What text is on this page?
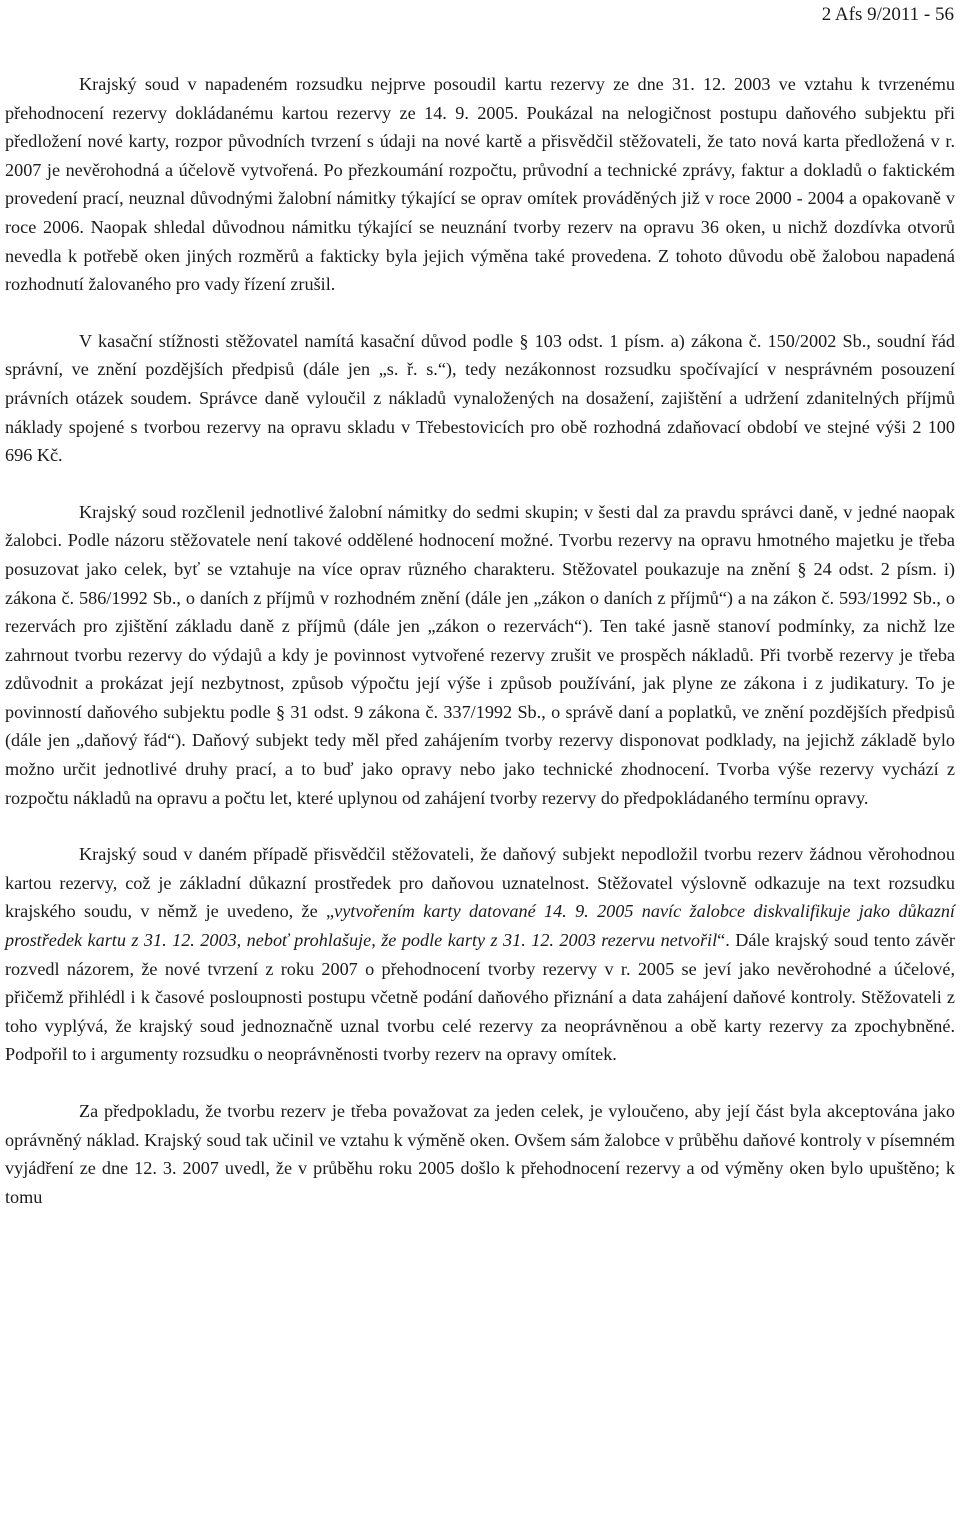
2 Afs 9/2011 - 56

Krajský soud v napadeném rozsudku nejprve posoudil kartu rezervy ze dne 31. 12. 2003 ve vztahu k tvrzenému přehodnocení rezervy dokládanému kartou rezervy ze 14. 9. 2005. Poukázal na nelogičnost postupu daňového subjektu při předložení nové karty, rozpor původních tvrzení s údaji na nové kartě a přisvědčil stěžovateli, že tato nová karta předložená v r. 2007 je nevěrohodná a účelově vytvořená. Po přezkoumání rozpočtu, průvodní a technické zprávy, faktur a dokladů o faktickém provedení prací, neuznal důvodnými žalobní námitky týkající se oprav omítek prováděných již v roce 2000 - 2004 a opakovaně v roce 2006. Naopak shledal důvodnou námitku týkající se neuznání tvorby rezerv na opravu 36 oken, u nichž dozdívka otvorů nevedla k potřebě oken jiných rozměrů a fakticky byla jejich výměna také provedena. Z tohoto důvodu obě žalobou napadená rozhodnutí žalovaného pro vady řízení zrušil.

V kasační stížnosti stěžovatel namítá kasační důvod podle § 103 odst. 1 písm. a) zákona č. 150/2002 Sb., soudní řád správní, ve znění pozdějších předpisů (dále jen „s. ř. s.“), tedy nezákonnost rozsudku spočívající v nesprávném posouzení právních otázek soudem. Správce daně vyloučil z nákladů vynaložených na dosažení, zajištění a udržení zdanitelných příjmů náklady spojené s tvorbou rezervy na opravu skladu v Třebestovicích pro obě rozhodná zdaňovací období ve stejné výši 2 100 696 Kč.

Krajský soud rozčlenil jednotlivé žalobní námitky do sedmi skupin; v šesti dal za pravdu správci daně, v jedné naopak žalobci. Podle názoru stěžovatele není takové oddělené hodnocení možné. Tvorbu rezervy na opravu hmotného majetku je třeba posuzovat jako celek, byť se vztahuje na více oprav různého charakteru. Stěžovatel poukazuje na znění § 24 odst. 2 písm. i) zákona č. 586/1992 Sb., o daních z příjmů v rozhodném znění (dále jen „zákon o daních z příjmů“) a na zákon č. 593/1992 Sb., o rezervách pro zjištění základu daně z příjmů (dále jen „zákon o rezervách“). Ten také jasně stanoví podmínky, za nichž lze zahrnout tvorbu rezervy do výdajů a kdy je povinnost vytvořené rezervy zrušit ve prospěch nákladů. Při tvorbě rezervy je třeba zdůvodnit a prokázat její nezbytnost, způsob výpočtu její výše i způsob používání, jak plyne ze zákona i z judikatury. To je povinností daňového subjektu podle § 31 odst. 9 zákona č. 337/1992 Sb., o správě daní a poplatků, ve znění pozdějších předpisů (dále jen „daňový řád“). Daňový subjekt tedy měl před zahájením tvorby rezervy disponovat podklady, na jejichž základě bylo možno určit jednotlivé druhy prací, a to buď jako opravy nebo jako technické zhodnocení. Tvorba výše rezervy vychází z rozpočtu nákladů na opravu a počtu let, které uplynou od zahájení tvorby rezervy do předpokládaného termínu opravy.

Krajský soud v daném případě přisvědčil stěžovateli, že daňový subjekt nepodložil tvorbu rezerv žádnou věrohodnou kartou rezervy, což je základní důkazní prostředek pro daňovou uznatelnost. Stěžovatel výslovně odkazuje na text rozsudku krajského soudu, v němž je uvedeno, že „vytvořením karty datované 14. 9. 2005 navíc žalobce diskvalifikuje jako důkazní prostředek kartu z 31. 12. 2003, neboť prohlašuje, že podle karty z 31. 12. 2003 rezervu netvořil“. Dále krajský soud tento závěr rozvedl názorem, že nové tvrzení z roku 2007 o přehodnocení tvorby rezervy v r. 2005 se jeví jako nevěrohodné a účelové, přičemž přihlédl i k časové posloupnosti postupu včetně podání daňového přiznání a data zahájení daňové kontroly. Stěžovateli z toho vyplývá, že krajský soud jednoznačně uznal tvorbu celé rezervy za neoprávněnou a obě karty rezervy za zpochybněné. Podpořil to i argumenty rozsudku o neoprávněnosti tvorby rezerv na opravy omítek.

Za předpokladu, že tvorbu rezerv je třeba považovat za jeden celek, je vyloučeno, aby její část byla akceptována jako oprávněný náklad. Krajský soud tak učinil ve vztahu k výměně oken. Ovšem sám žalobce v průběhu daňové kontroly v písemném vyjádření ze dne 12. 3. 2007 uvedl, že v průběhu roku 2005 došlo k přehodnocení rezervy a od výměny oken bylo upuštěno; k tomu
